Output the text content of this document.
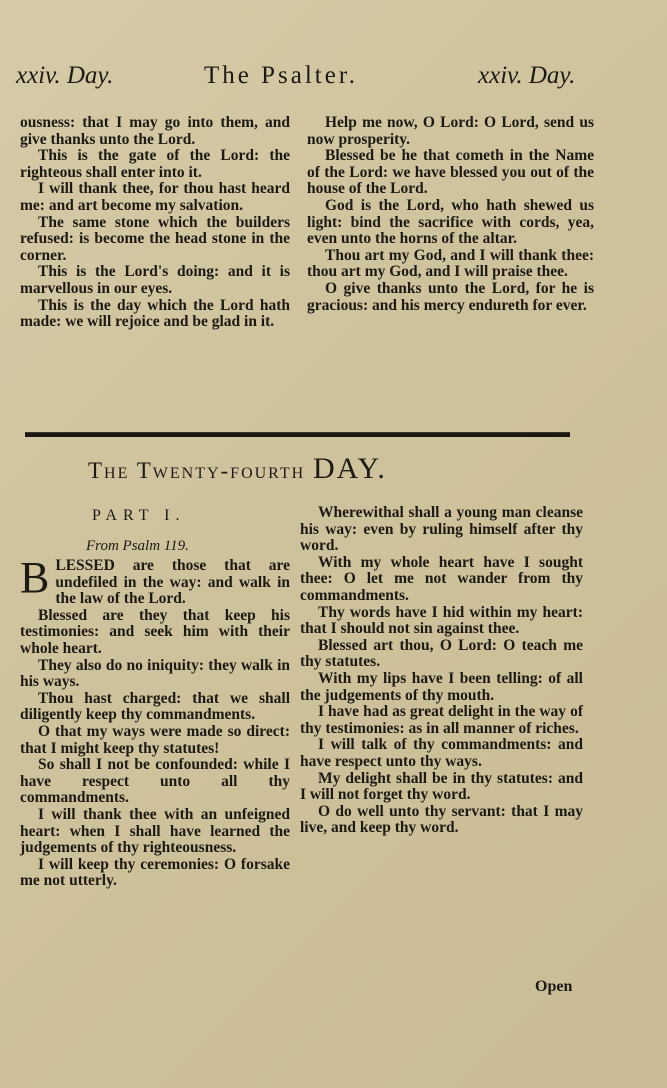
xxiv. Day.	The Psalter.	xxiv. Day.

ousness: that I may go into them, and give thanks unto the Lord.

This is the gate of the Lord: the righteous shall enter into it.

I will thank thee, for thou hast heard me: and art become my salvation.

The same stone which the builders refused: is become the head stone in the corner.

This is the Lord's doing: and it is marvellous in our eyes.

This is the day which the Lord hath made: we will rejoice and be glad in it.

Help me now, O Lord: O Lord, send us now prosperity.

Blessed be he that cometh in the Name of the Lord: we have blessed you out of the house of the Lord.

God is the Lord, who hath shewed us light: bind the sacrifice with cords, yea, even unto the horns of the altar.

Thou art my God, and I will thank thee: thou art my God, and I will praise thee.

O give thanks unto the Lord, for he is gracious: and his mercy endureth for ever.

The Twenty-fourth DAY.
PART I.
From Psalm 119.

BLESSED are those that are undefiled in the way: and walk in the law of the Lord.

Blessed are they that keep his testimonies: and seek him with their whole heart.

They also do no iniquity: they walk in his ways.

Thou hast charged: that we shall diligently keep thy commandments.

O that my ways were made so direct: that I might keep thy statutes!

So shall I not be confounded: while I have respect unto all thy commandments.

I will thank thee with an unfeigned heart: when I shall have learned the judgements of thy righteousness.

I will keep thy ceremonies: O forsake me not utterly.

Wherewithal shall a young man cleanse his way: even by ruling himself after thy word.

With my whole heart have I sought thee: O let me not wander from thy commandments.

Thy words have I hid within my heart: that I should not sin against thee.

Blessed art thou, O Lord: O teach me thy statutes.

With my lips have I been telling: of all the judgements of thy mouth.

I have had as great delight in the way of thy testimonies: as in all manner of riches.

I will talk of thy commandments: and have respect unto thy ways.

My delight shall be in thy statutes: and I will not forget thy word.

O do well unto thy servant: that I may live, and keep thy word.

Open
